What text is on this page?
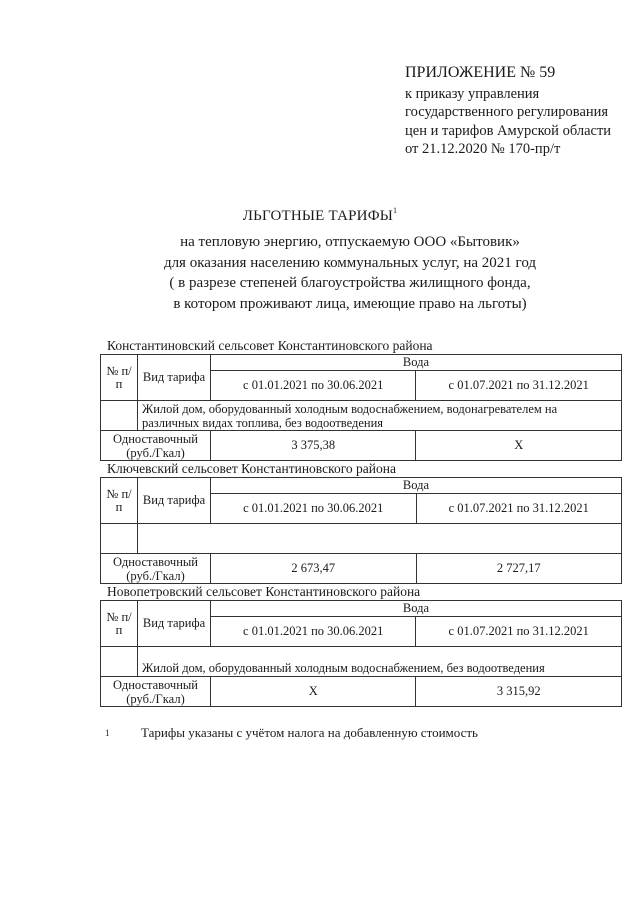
ПРИЛОЖЕНИЕ № 59
к приказу управления
государственного регулирования
цен и тарифов Амурской области
от 21.12.2020 № 170-пр/т
ЛЬГОТНЫЕ ТАРИФЫ$^1$
на тепловую энергию, отпускаемую ООО «Бытовик»
для оказания населению коммунальных услуг, на 2021 год
( в разрезе степеней благоустройства жилищного фонда,
в котором проживают лица, имеющие право на льготы)
Константиновский сельсовет Константиновского района
№ п/п	Вид тарифа	Вода	
		с 01.01.2021 по 30.06.2021	с 01.07.2021 по 31.12.2021
	Жилой дом, оборудованный холодным водоснабжением, водонагревателем на различных видах топлива, без водоотведения		
Одноставочный (руб./Гкал)		3 375,38	Х
Ключевский сельсовет Константиновского района
№ п/п	Вид тарифа	Вода	
		с 01.01.2021 по 30.06.2021	с 01.07.2021 по 31.12.2021

Одноставочный (руб./Гкал)		2 673,47	2 727,17
Новопетровский сельсовет Константиновского района
№ п/п	Вид тарифа	Вода	
		с 01.01.2021 по 30.06.2021	с 01.07.2021 по 31.12.2021
	Жилой дом, оборудованный холодным водоснабжением, без водоотведения		
Одноставочный (руб./Гкал)		Х	3 315,92
1 Тарифы указаны с учётом налога на добавленную стоимость
